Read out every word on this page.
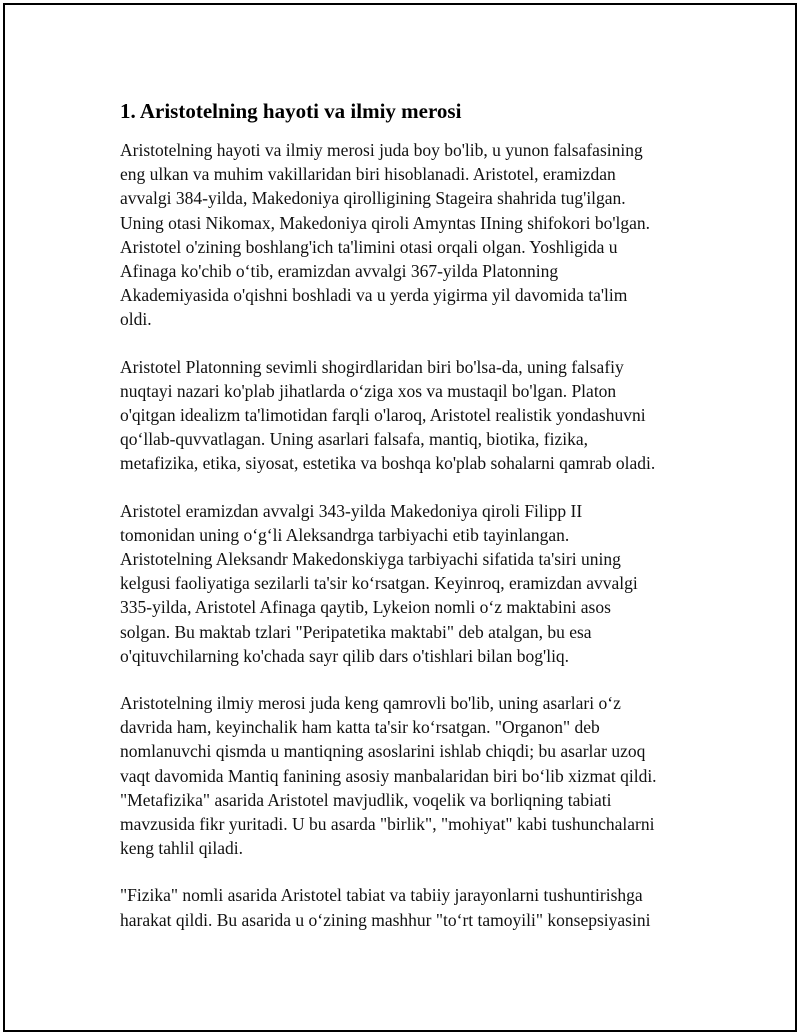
1. Aristotelning hayoti va ilmiy merosi

Aristotelning hayoti va ilmiy merosi juda boy bo'lib, u yunon falsafasining
eng ulkan va muhim vakillaridan biri hisoblanadi. Aristotel, eramizdan
avvalgi 384-yilda, Makedoniya qirolligining Stageira shahrida tug'ilgan.
Uning otasi Nikomax, Makedoniya qiroli Amyntas IIning shifokori bo'lgan.
Aristotel o'zining boshlang'ich ta'limini otasi orqali olgan. Yoshligida u
Afinaga ko'chib o‘tib, eramizdan avvalgi 367-yilda Platonning
Akademiyasida o'qishni boshladi va u yerda yigirma yil davomida ta'lim
oldi.

Aristotel Platonning sevimli shogirdlaridan biri bo'lsa-da, uning falsafiy
nuqtayi nazari ko'plab jihatlarda o‘ziga xos va mustaqil bo'lgan. Platon
o'qitgan idealizm ta'limotidan farqli o'laroq, Aristotel realistik yondashuvni
qo‘llab-quvvatlagan. Uning asarlari falsafa, mantiq, biotika, fizika,
metafizika, etika, siyosat, estetika va boshqa ko'plab sohalarni qamrab oladi.

Aristotel eramizdan avvalgi 343-yilda Makedoniya qiroli Filipp II
tomonidan uning o‘g‘li Aleksandrga tarbiyachi etib tayinlangan.
Aristotelning Aleksandr Makedonskiyga tarbiyachi sifatida ta'siri uning
kelgusi faoliyatiga sezilarli ta'sir ko‘rsatgan. Keyinroq, eramizdan avvalgi
335-yilda, Aristotel Afinaga qaytib, Lykeion nomli o‘z maktabini asos
solgan. Bu maktab tzlari "Peripatetika maktabi" deb atalgan, bu esa
o'qituvchilarning ko'chada sayr qilib dars o'tishlari bilan bog'liq.

Aristotelning ilmiy merosi juda keng qamrovli bo'lib, uning asarlari o‘z
davrida ham, keyinchalik ham katta ta'sir ko‘rsatgan. "Organon" deb
nomlanuvchi qismda u mantiqning asoslarini ishlab chiqdi; bu asarlar uzoq
vaqt davomida Mantiq fanining asosiy manbalaridan biri bo‘lib xizmat qildi.
"Metafizika" asarida Aristotel mavjudlik, voqelik va borliqning tabiati
mavzusida fikr yuritadi. U bu asarda "birlik", "mohiyat" kabi tushunchalarni
keng tahlil qiladi.

"Fizika" nomli asarida Aristotel tabiat va tabiiy jarayonlarni tushuntirishga
harakat qildi. Bu asarida u o‘zining mashhur "to‘rt tamoyili" konsepsiyasini
